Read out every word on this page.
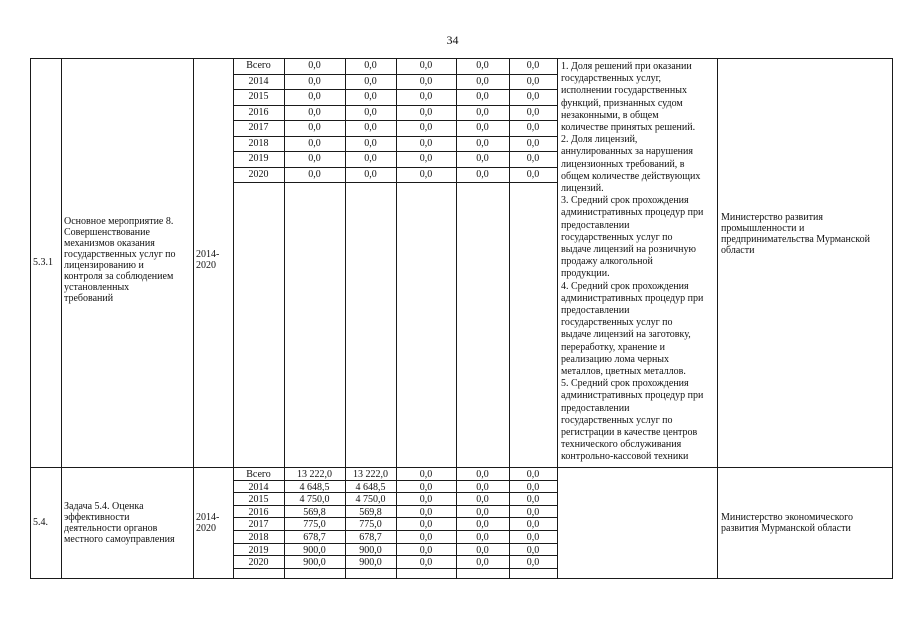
34
5.3.1
Основное мероприятие 8.
Совершенствование
механизмов оказания
государственных услуг по
лицензированию и
контроля за соблюдением
установленных
требований
2014-
2020
Всего	0,0	0,0	0,0	0,0	0,0
2014	0,0	0,0	0,0	0,0	0,0
2015	0,0	0,0	0,0	0,0	0,0
2016	0,0	0,0	0,0	0,0	0,0
2017	0,0	0,0	0,0	0,0	0,0
2018	0,0	0,0	0,0	0,0	0,0
2019	0,0	0,0	0,0	0,0	0,0
2020	0,0	0,0	0,0	0,0	0,0
1. Доля решений при оказании
государственных услуг,
исполнении государственных
функций, признанных судом
незаконными, в общем
количестве принятых решений.
2. Доля лицензий,
аннулированных за нарушения
лицензионных требований, в
общем количестве действующих
лицензий.
3. Средний срок прохождения
административных процедур при
предоставлении
государственных услуг по
выдаче лицензий на розничную
продажу алкогольной
продукции.
4. Средний срок прохождения
административных процедур при
предоставлении
государственных услуг по
выдаче лицензий на заготовку,
переработку, хранение и
реализацию лома черных
металлов, цветных металлов.
5. Средний срок прохождения
административных процедур при
предоставлении
государственных услуг по
регистрации в качестве центров
технического обслуживания
контрольно-кассовой техники
Министерство развития
промышленности и
предпринимательства Мурманской
области
5.4.
Задача 5.4. Оценка
эффективности
деятельности органов
местного самоуправления
2014-
2020
Всего	13 222,0	13 222,0	0,0	0,0	0,0
2014	4 648,5	4 648,5	0,0	0,0	0,0
2015	4 750,0	4 750,0	0,0	0,0	0,0
2016	569,8	569,8	0,0	0,0	0,0
2017	775,0	775,0	0,0	0,0	0,0
2018	678,7	678,7	0,0	0,0	0,0
2019	900,0	900,0	0,0	0,0	0,0
2020	900,0	900,0	0,0	0,0	0,0
Министерство экономического
развития Мурманской области
